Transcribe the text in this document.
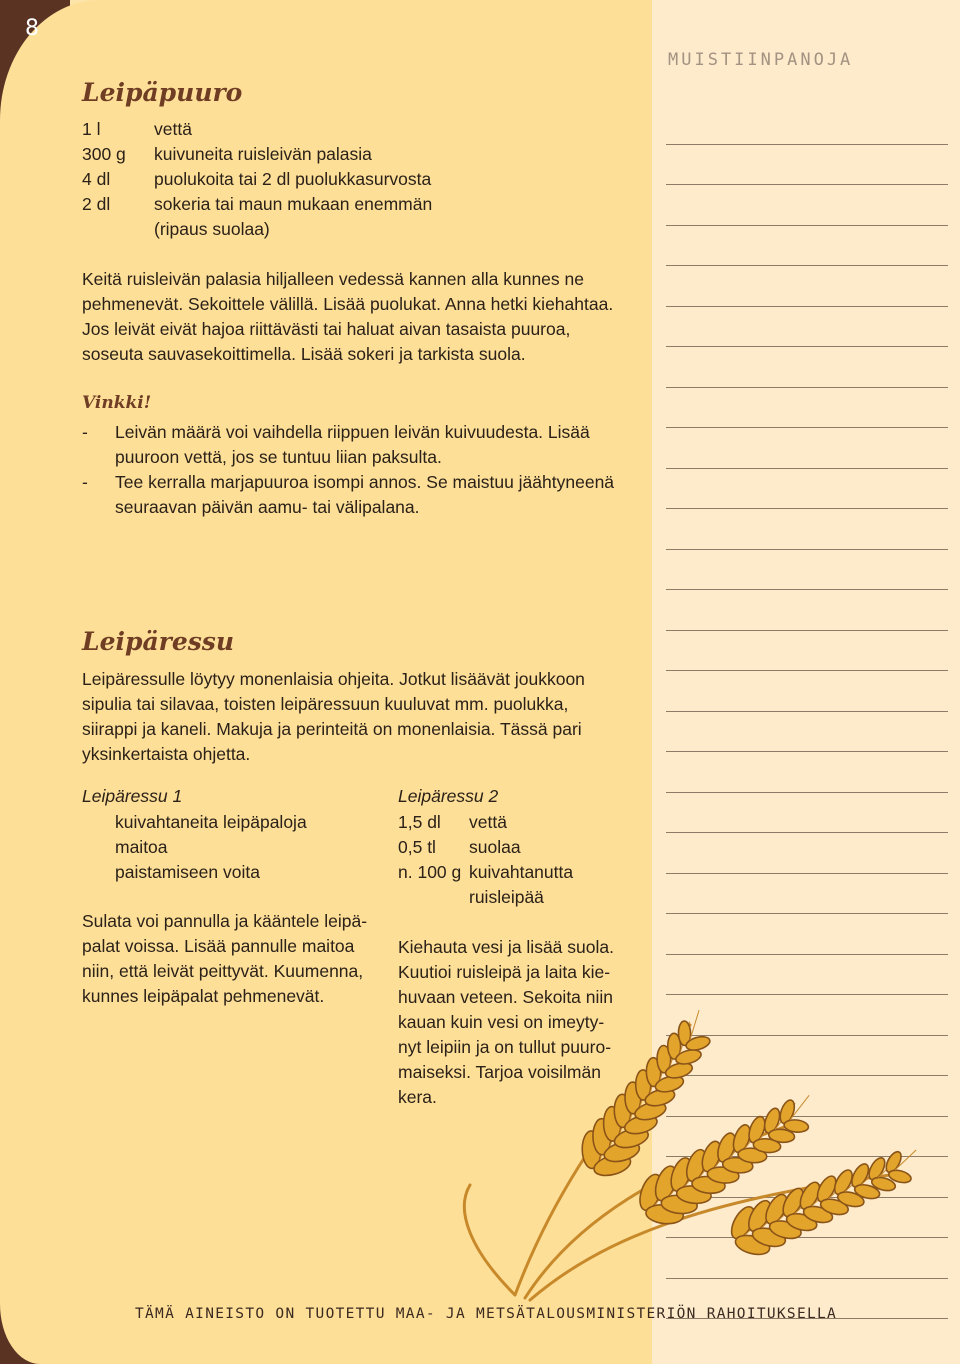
8
MUISTIINPANOJA
Leipäpuuro
1 l	vettä
300 g	kuivuneita ruisleivän palasia
4 dl	puolukoita tai 2 dl puolukkasurvosta
2 dl	sokeria tai maun mukaan enemmän
(ripaus suolaa)
Keitä ruisleivän palasia hiljalleen vedessä kannen alla kunnes ne
pehmenevät. Sekoittele välillä. Lisää puolukat. Anna hetki kiehahtaa.
Jos leivät eivät hajoa riittävästi tai haluat aivan tasaista puuroa,
soseuta sauvasekoittimella. Lisää sokeri ja tarkista suola.
Vinkki!
-	Leivän määrä voi vaihdella riippuen leivän kuivuudesta. Lisää
puuroon vettä, jos se tuntuu liian paksulta.
-	Tee kerralla marjapuuroa isompi annos. Se maistuu jäähtyneenä
seuraavan päivän aamu- tai välipalana.
Leipäressu
Leipäressulle löytyy monenlaisia ohjeita. Jotkut lisäävät joukkoon
sipulia tai silavaa, toisten leipäressuun kuuluvat mm. puolukka,
siirappi ja kaneli. Makuja ja perinteitä on monenlaisia. Tässä pari
yksinkertaista ohjetta.
Leipäressu 1
kuivahtaneita leipäpaloja
maitoa
paistamiseen voita
Sulata voi pannulla ja kääntele leipä-
palat voissa. Lisää pannulle maitoa
niin, että leivät peittyvät. Kuumenna,
kunnes leipäpalat pehmenevät.
Leipäressu 2
1,5 dl	vettä
0,5 tl	suolaa
n. 100 g kuivahtanutta
ruisleipää
Kiehauta vesi ja lisää suola.
Kuutioi ruisleipä ja laita kie-
huvaan veteen. Sekoita niin
kauan kuin vesi on imeyty-
nyt leipiin ja on tullut puuro-
maiseksi. Tarjoa voisilmän
kera.
TÄMÄ AINEISTO ON TUOTETTU MAA- JA METSÄTALOUSMINISTERIÖN RAHOITUKSELLA
